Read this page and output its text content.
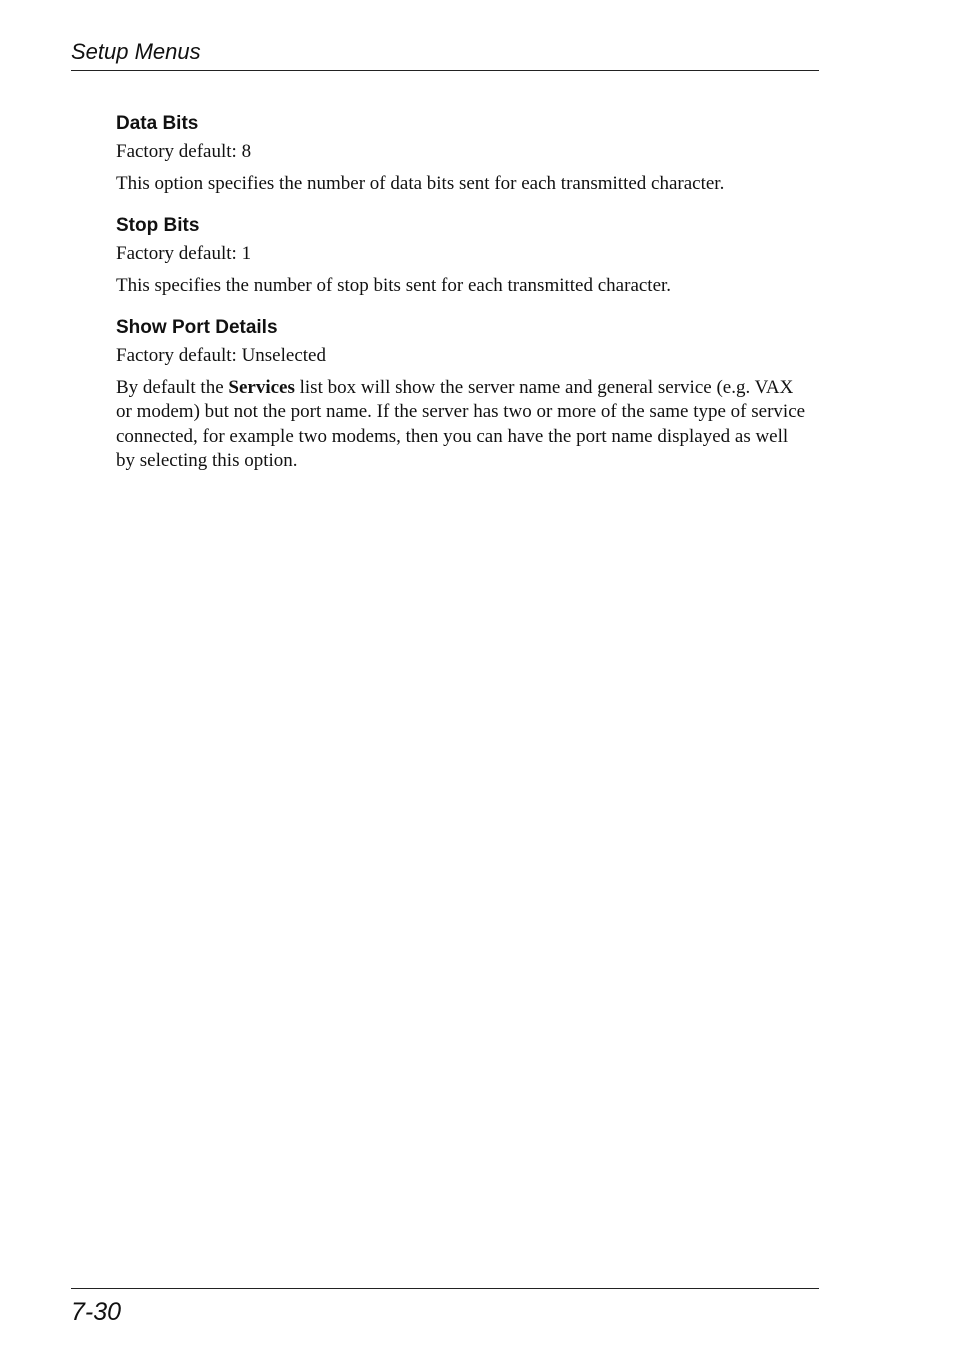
Setup Menus
Data Bits

Factory default: 8

This option specifies the number of data bits sent for each transmitted character.

Stop Bits

Factory default: 1

This specifies the number of stop bits sent for each transmitted character.

Show Port Details

Factory default: Unselected

By default the Services list box will show the server name and general service (e.g. VAX or modem) but not the port name. If the server has two or more of the same type of service connected, for example two modems, then you can have the port name displayed as well by selecting this option.

7-30
